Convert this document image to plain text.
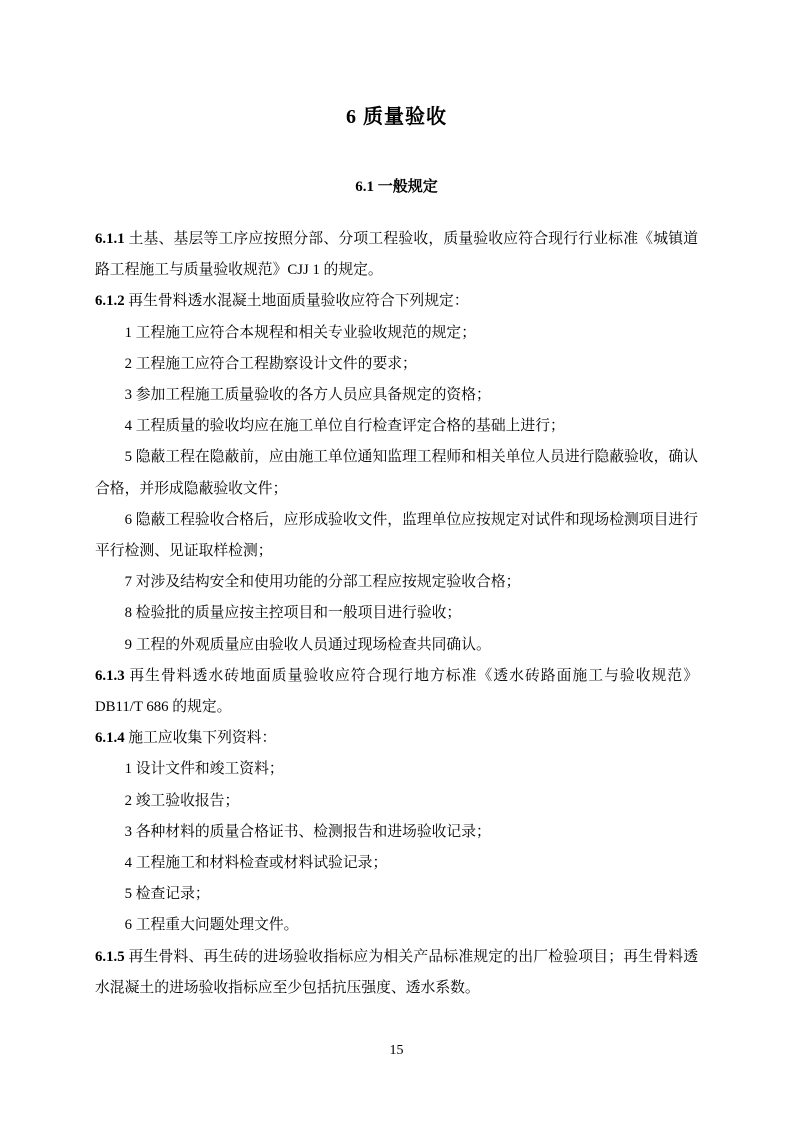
6 质量验收
6.1 一般规定

6.1.1 土基、基层等工序应按照分部、分项工程验收，质量验收应符合现行行业标准《城镇道路工程施工与质量验收规范》CJJ 1 的规定。

6.1.2 再生骨料透水混凝土地面质量验收应符合下列规定：

1 工程施工应符合本规程和相关专业验收规范的规定；

2 工程施工应符合工程勘察设计文件的要求；

3 参加工程施工质量验收的各方人员应具备规定的资格；

4 工程质量的验收均应在施工单位自行检查评定合格的基础上进行；

5 隐蔽工程在隐蔽前，应由施工单位通知监理工程师和相关单位人员进行隐蔽验收，确认合格，并形成隐蔽验收文件；

6 隐蔽工程验收合格后，应形成验收文件，监理单位应按规定对试件和现场检测项目进行平行检测、见证取样检测；

7 对涉及结构安全和使用功能的分部工程应按规定验收合格；

8 检验批的质量应按主控项目和一般项目进行验收；

9 工程的外观质量应由验收人员通过现场检查共同确认。

6.1.3 再生骨料透水砖地面质量验收应符合现行地方标准《透水砖路面施工与验收规范》DB11/T 686 的规定。

6.1.4 施工应收集下列资料：

1 设计文件和竣工资料；

2 竣工验收报告；

3 各种材料的质量合格证书、检测报告和进场验收记录；

4 工程施工和材料检查或材料试验记录；

5 检查记录；

6 工程重大问题处理文件。

6.1.5 再生骨料、再生砖的进场验收指标应为相关产品标准规定的出厂检验项目；再生骨料透水混凝土的进场验收指标应至少包括抗压强度、透水系数。

15
